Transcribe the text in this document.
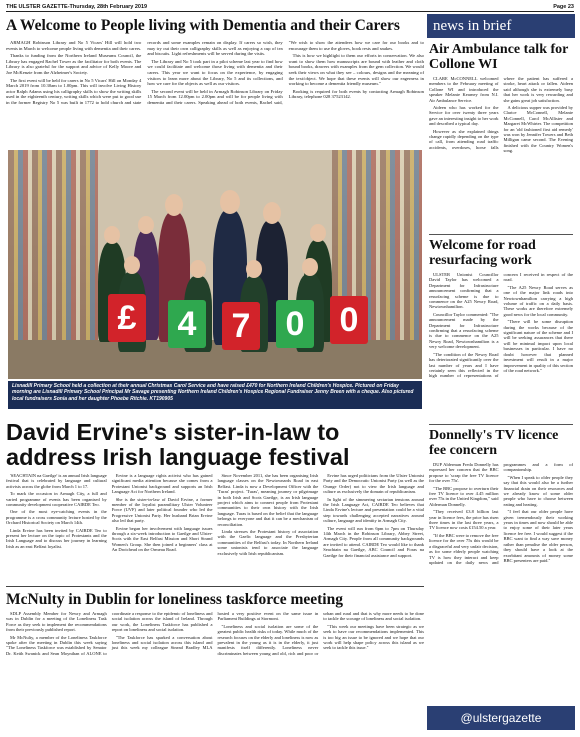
THE ULSTER GAZETTE-Thursday, 28th February 2019	Page 23
A Welcome to People living with Dementia and their Carers

ARMAGH Robinson Library and No 5 Vicars' Hill will hold two events in March to welcome people living with dementia and their carers.

Thanks to funding from the Northern Ireland Museums Council, the Library has engaged Rachel Tower as the facilitator for both events. The Library is also grateful for the support and advice of Kelly Moore and Joe McKenzie from the Alzheimer's Society.

The first event will be held for carers in No 5 Vicars' Hill on Monday 4 March 2019 from 10.30am to 1.00pm. This will involve Living History actor Ralph Adams using his calligraphy skills to show the writing skills used in the eighteenth century, writing skills which were put to good use in the former Registry No 5 was built in 1772 to hold church and state records and some examples remain on display. If carers so wish, they may try out their own calligraphy skills as well as enjoying a cup of tea and biscuits. Light refreshments will be served during the visits.

The Library and No 5 took part in a pilot scheme last year to find how we could facilitate and welcome those living with dementia and their carers. This year we want to focus on the experience, by engaging visitors to learn more about the Library, No 5 and its collections, and how we care for the objects as well as our visitors.

The second event will be held in Armagh Robinson Library on Friday 15 March from 12.00pm to 2.00pm and will be for people living with dementia and their carers. Speaking ahead of both events, Rachel said, "We wish to show the attendees how we care for our books and to encourage them to use the gloves, book rests and snakes.

This is how we highlight to them our efforts in conservation. We also want to show them how manuscripts are bound with leather and cloth bound books, drawers with examples from the gem collection. We would seek their views on what they see – colours, designs and the meaning of the text/object. We hope that these events will show our eagerness in working to become a dementia friendly museum."

Booking is required for both events by contacting Armagh Robinson Library, telephone 028 37523142.

£ 4 7 0 0
Lisnadill Primary School held a collection at their annual Christmas Carol Service and have raised £470 for Northern Ireland Children's Hospice. Pictured on Friday morning are Lisnadill Primary School Principal Mr Savage presenting Northern Ireland Children's Hospice Regional Fundraiser Jenny Breen with a cheque. Also pictured local fundraisers Sonia and her daughter Phoebe Ritchie. KT190905
David Ervine's sister-in-law to address Irish language festival

'SEACHTAIN na Gaeilge' is an annual Irish language festival that is celebrated by language and cultural activists across the globe from March 1 to 17.

To mark the occasion in Armagh City, a full and varied programme of events has been organised by community development cooperative CAIRDE Teo.

One of the most eye-catching events in the programme is a cross community lecture hosted by the Orchard Historical Society on March 14th.

Linda Ervine has been invited by CAIRDE Teo to present her lecture on the topic of Protestants and the Irish Language and to discuss her journey in learning Irish as an east Belfast loyalist.

Ervine is a language rights activist who has gained significant media attention because she comes from a Protestant Unionist background and supports an Irish Language Act for Northern Ireland.

She is the sister-in-law of David Ervine, a former member of the loyalist paramilitary Ulster Volunteer Force (UVF) and later political founder who led the Progressive Unionist Party. Her husband Brian Ervine also led that party.

Ervine began her involvement with language issues through a six-week introduction to Gaeilge and Ulster-Scots with the East Belfast Mission and Short Strand Women's Group. She then joined a beginners' class at An Droichead on the Ormeau Road.

Since November 2011, she has been organising Irish language classes on the Newtownards Road in east Belfast. Linda is now a Development Officer with the 'Turas' project. 'Turas', meaning journey or pilgrimage in both Irish and Scots Gaeilge, is an Irish language project which aims to connect people from Protestant communities to their own history with the Irish language. Turas is based on the belief that the language belongs to everyone and that it can be a mechanism of reconciliation.

Linda stresses the Protestant history of association with the Gaelic language and the Presbyterian communities of the Belfast's today. In Northern Ireland some unionists tend to associate the language exclusively with Irish republicanism.

Ervine has urged politicians from the Ulster Unionist Party and the Democratic Unionist Party (as well as the Orange Order) not to view the Irish language and culture as exclusively the domain of republicanism.

In light of the simmering sectarian tensions around the Irish Language Act, CAIRDE Teo believes that Linda Ervine's lecture and presentation could be a vital step towards challenging accepted narratives around culture, language and identity in Armagh City.

The event will run from 6pm to 7pm on Thursday 14th March in the Robinson Library, Abbey Street, Armagh City. People from all community backgrounds are invited to attend. CAIRDE Teo would like to thank Seachtain na Gaeilge, ABC Council and Foras na Gaeilge for their financial assistance and support.

McNulty in Dublin for loneliness taskforce meeting

SDLP Assembly Member for Newry and Armagh was in Dublin for a meeting of the Loneliness Task Force as they seek to implement the recommendations from their previously published report.

Mr McNulty, a member of the Loneliness Taskforce spoke after the meeting in Dublin this week saying "The Loneliness Taskforce was established by Senator Dr. Keith Swanick and Sean Moynihan of ALONE to coordinate a response to the epidemic of loneliness and social isolation across the island of Ireland. Through our work, the Loneliness Taskforce has published a report on loneliness and social isolation.

"The Taskforce has sparked a conversation about loneliness and social isolation across this island and just this week my colleague Sinead Bradley MLA hosted a very positive event on the same issue in Parliament Buildings at Stormont.

"Loneliness and social isolation are some of the greatest public health risks of today. While much of the research focuses on the elderly and loneliness is now as prevalent in the young as it is in the elderly, it just manifests itself differently. Loneliness never discriminates between young and old, rich and poor or urban and rural and that is why more needs to be done to tackle the scourge of loneliness and social isolation.

"This week our meetings have been strategic as we seek to have our recommendations implemented. This is too big an issue to be ignored and we hope that our work will help shape policy across this island as we seek to tackle this issue."

news in brief
Air Ambulance talk for Collone WI

CLARE McCONNELL welcomed members to the February meeting of Collone WI and introduced the speaker Melanie Kearney from N.I. Air Ambulance Service.

Aideen who has worked for the Service for over twenty three years gave an interesting insight to her work and described a typical day.

However as she explained things change rapidly depending on the type of call, from attending road traffic accidents, overdoses, horse falls where the patient has suffered a stroke, heart attack or fallen. Aideen said although she is extremely busy that her work is very rewarding and she gains great job satisfaction.

A delicious supper was provided by Clarice McConnell, Melanie McConnell, Carol McAllister and Margaret McWhirter. The competition for an 'old fashioned first aid remedy' was won by Jennifer Towers and Beth Milligan came second. The Evening finished with the Country Women's song.

Welcome for road resurfacing work

ULSTER Unionist Councillor David Taylor has welcomed a Department for Infrastructure announcement confirming that a resurfacing scheme is due to commence on the A25 Newry Road, Newtownhamilton.

Councillor Taylor commented: "The announcement made by the Department for Infrastructure confirming that a resurfacing scheme is due to commence on the A25 Newry Road, Newtownhamilton is a very welcome development.

"The condition of the Newry Road has deteriorated significantly over the last number of years and I have certainly seen this reflected in the high number of representations of concern I received in respect of the road.

"The A25 Newry Road serves as one of the major link roads into Newtownhamilton carrying a high volume of traffic on a daily basis. These works are therefore extremely good news for the local community.

"There will be some disruption during the works because of the significant nature of the scheme and I will be seeking assurances that there will be minimal impact upon local businesses in particular. I have no doubt however that planned investment will result in a major improvement in quality of this section of the road network."

Donnelly's TV licence fee concern

DUP Alderman Freda Donnelly has expressed her concern that the BBC propose to 'scrap the free TV licence for the over 75s'.

"The BBC propose to overturn their free TV licence to over 4.45 million over 75s in the United Kingdom," said Alderman Donnelly.

"They received £3.8 billion last year in licence fees, the price has risen three times in the last three years, a TV licence now costs £154.50 a year.

"If the BBC were to remove the free licence for the over 75s this would be a disgraceful and very unfair decision, as for some elderly people watching TV is how they interact and keep updated on the daily news and programmes and a form of companionship.

"When I speak to older people they say that this would also be a further financial drain on their resources and we already know of some older people who have to choose between eating and heating.

"I feel that our older people have given tremendously their working years in times and now should be able to enjoy some of their later years licence fee free. I would suggest if the BBC want to find a way save money rather than penalise the older person, they should have a look at the exorbitant amounts of money some BBC presenters are paid."

@ulstergazette
